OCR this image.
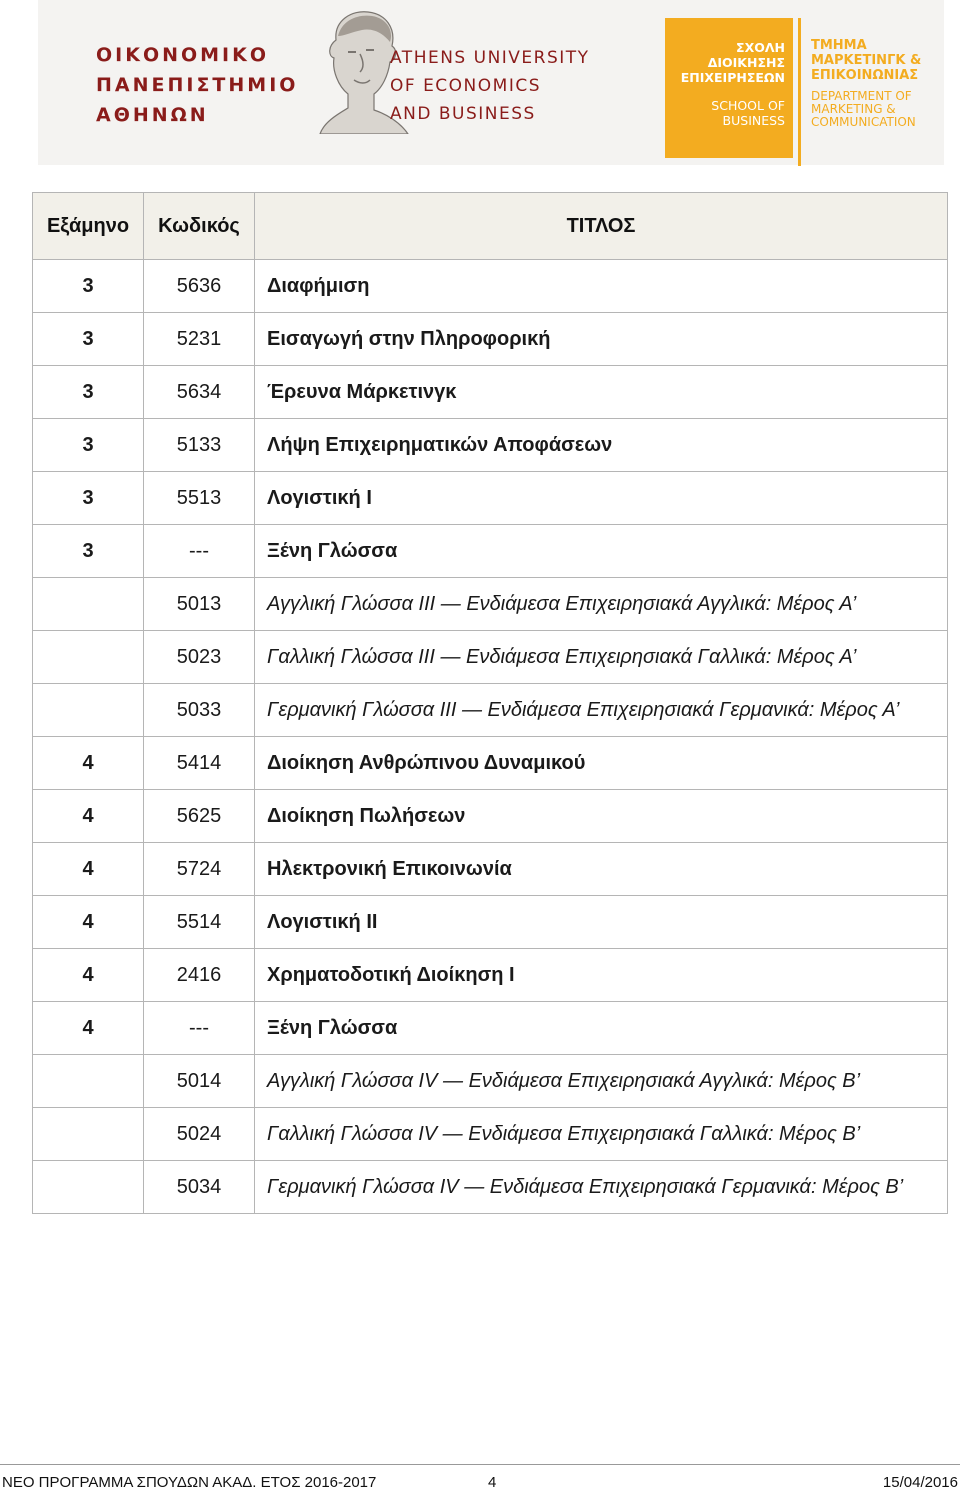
ΟΙΚΟΝΟΜΙΚΟ
ΠΑΝΕΠΙΣΤΗΜΙΟ
ΑΘΗΝΩΝ
ATHENS UNIVERSITY
OF ECONOMICS
AND BUSINESS
ΣΧΟΛΗ
ΔΙΟΙΚΗΣΗΣ
ΕΠΙΧΕΙΡΗΣΕΩΝ
SCHOOL OF
BUSINESS
ΤΜΗΜΑ
ΜΑΡΚΕΤΙΝΓΚ &
ΕΠΙΚΟΙΝΩΝΙΑΣ
DEPARTMENT OF
MARKETING &
COMMUNICATION
Εξάμηνο	Κωδικός	ΤΙΤΛΟΣ
3	5636	Διαφήμιση
3	5231	Εισαγωγή στην Πληροφορική
3	5634	Έρευνα Μάρκετινγκ
3	5133	Λήψη Επιχειρηματικών Αποφάσεων
3	5513	Λογιστική Ι
3	---	Ξένη Γλώσσα
	5013	Αγγλική Γλώσσα ΙΙΙ — Ενδιάμεσα Επιχειρησιακά Αγγλικά: Μέρος Α’
	5023	Γαλλική Γλώσσα ΙΙΙ — Ενδιάμεσα Επιχειρησιακά Γαλλικά: Μέρος Α’
	5033	Γερμανική Γλώσσα ΙΙΙ — Ενδιάμεσα Επιχειρησιακά Γερμανικά: Μέρος Α’
4	5414	Διοίκηση Ανθρώπινου Δυναμικού
4	5625	Διοίκηση Πωλήσεων
4	5724	Ηλεκτρονική Επικοινωνία
4	5514	Λογιστική ΙΙ
4	2416	Χρηματοδοτική Διοίκηση Ι
4	---	Ξένη Γλώσσα
	5014	Αγγλική Γλώσσα ΙV — Ενδιάμεσα Επιχειρησιακά Αγγλικά: Μέρος Β’
	5024	Γαλλική Γλώσσα ΙV — Ενδιάμεσα Επιχειρησιακά Γαλλικά: Μέρος Β’
	5034	Γερμανική Γλώσσα ΙV — Ενδιάμεσα Επιχειρησιακά Γερμανικά: Μέρος Β’
ΝΕΟ ΠΡΟΓΡΑΜΜΑ ΣΠΟΥΔΩΝ ΑΚΑΔ. ΕΤΟΣ 2016-2017	4	15/04/2016
